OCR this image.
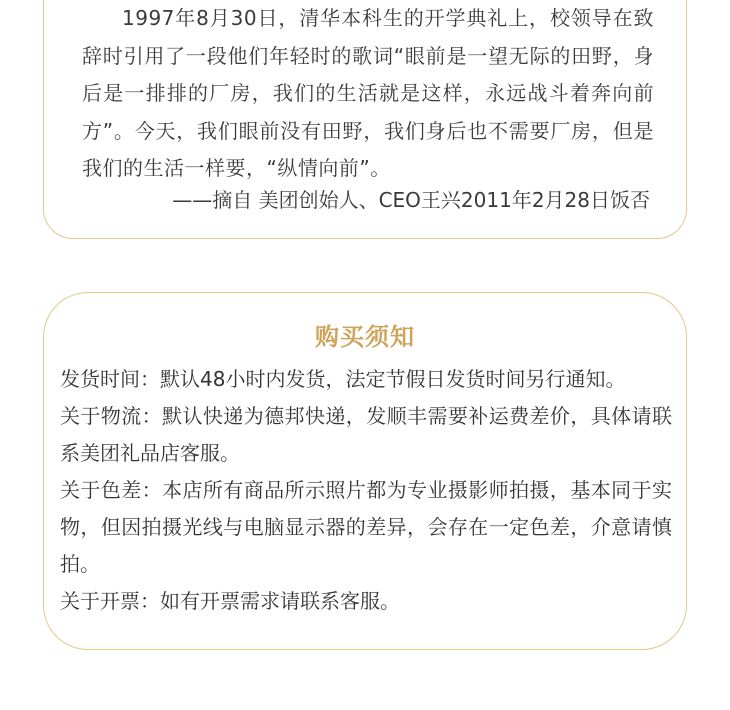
1997年8月30日，清华本科生的开学典礼上，校领导在致辞时引用了一段他们年轻时的歌词“眼前是一望无际的田野，身后是一排排的厂房，我们的生活就是这样，永远战斗着奔向前方”。今天，我们眼前没有田野，我们身后也不需要厂房，但是我们的生活一样要，“纵情向前”。

——摘自 美团创始人、CEO王兴2011年2月28日饭否
购买须知

发货时间：默认48小时内发货，法定节假日发货时间另行通知。

关于物流：默认快递为德邦快递，发顺丰需要补运费差价，具体请联系美团礼品店客服。

关于色差：本店所有商品所示照片都为专业摄影师拍摄，基本同于实物，但因拍摄光线与电脑显示器的差异，会存在一定色差，介意请慎拍。

关于开票：如有开票需求请联系客服。
